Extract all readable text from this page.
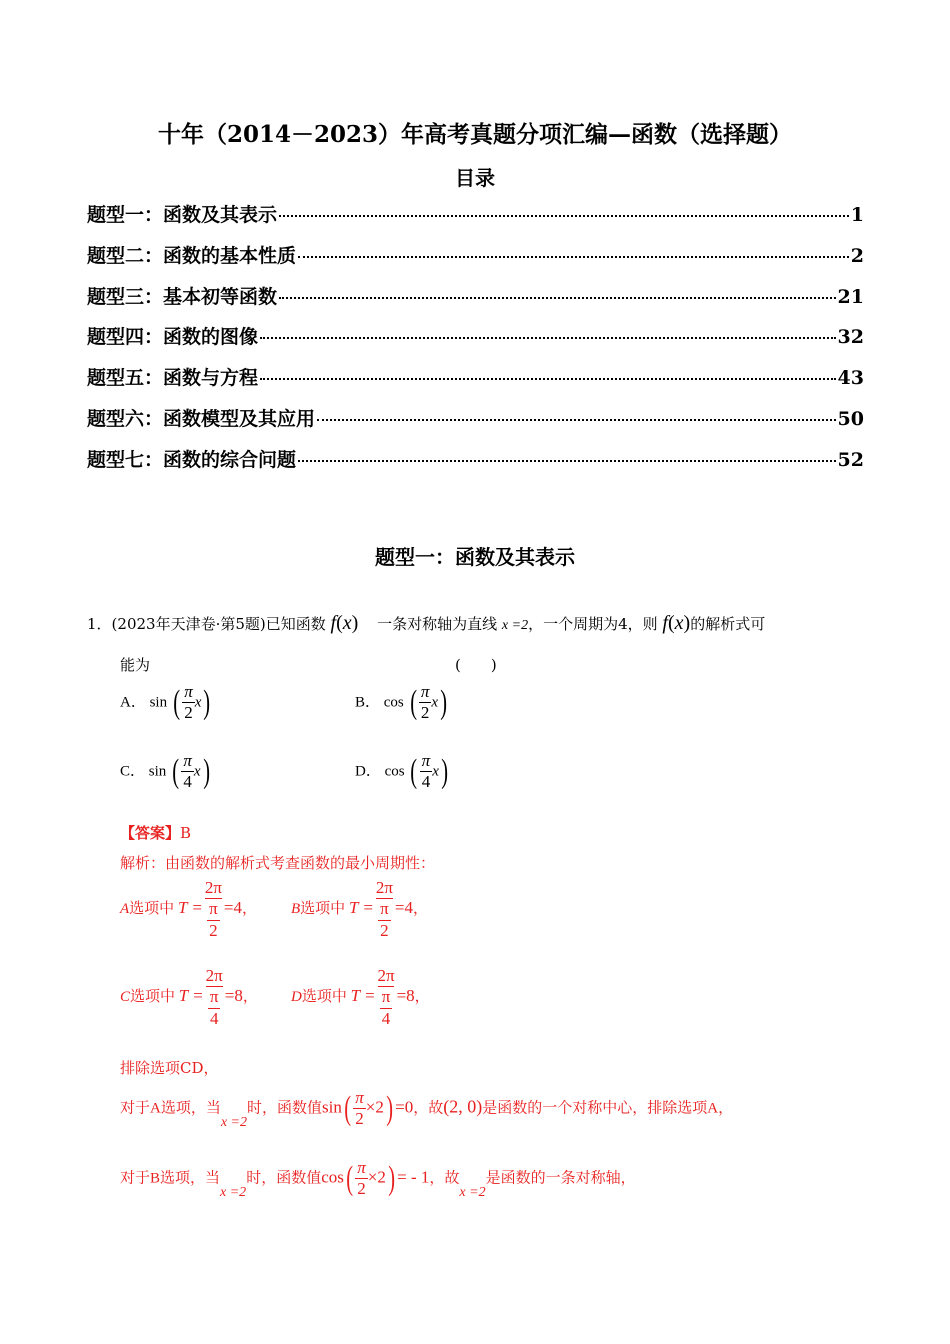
十年（2014－2023）年高考真题分项汇编—函数（选择题）
目录
题型一：函数及其表示	1
题型二：函数的基本性质	2
题型三：基本初等函数	21
题型四：函数的图像	32
题型五：函数与方程	43
题型六：函数模型及其应用	50
题型七：函数的综合问题	52
题型一：函数及其表示
1．(2023年天津卷·第5题)已知函数 f(x) 一条对称轴为直线 x =2，一个周期为4，则 f(x)的解析式可
能为	(　　)
A． sin ( $\frac{\pi}{2} x$)	B． cos ( $\frac{\pi}{2} x$)
C． sin ( $\frac{\pi}{4} x$)	D． cos ( $\frac{\pi}{4} x$)
【答案】B
解析：由函数的解析式考查函数的最小周期性：
A选项中 $T = \frac{2\pi}{\frac{\pi}{2}} =4$， B选项中 $T = \frac{2\pi}{\frac{\pi}{2}} =4$，
C选项中 $T = \frac{2\pi}{\frac{\pi}{4}} =8$， D选项中 $T = \frac{2\pi}{\frac{\pi}{4}} =8$，
排除选项CD，
对于A选项，当x =2时，函数值$\sin( \frac{\pi}{2} \times 2) =0$，故(2, 0)是函数的一个对称中心，排除选项A，
对于B选项，当x =2时，函数值$\cos( \frac{\pi}{2} \times 2)$ = - 1，故x =2是函数的一条对称轴，
